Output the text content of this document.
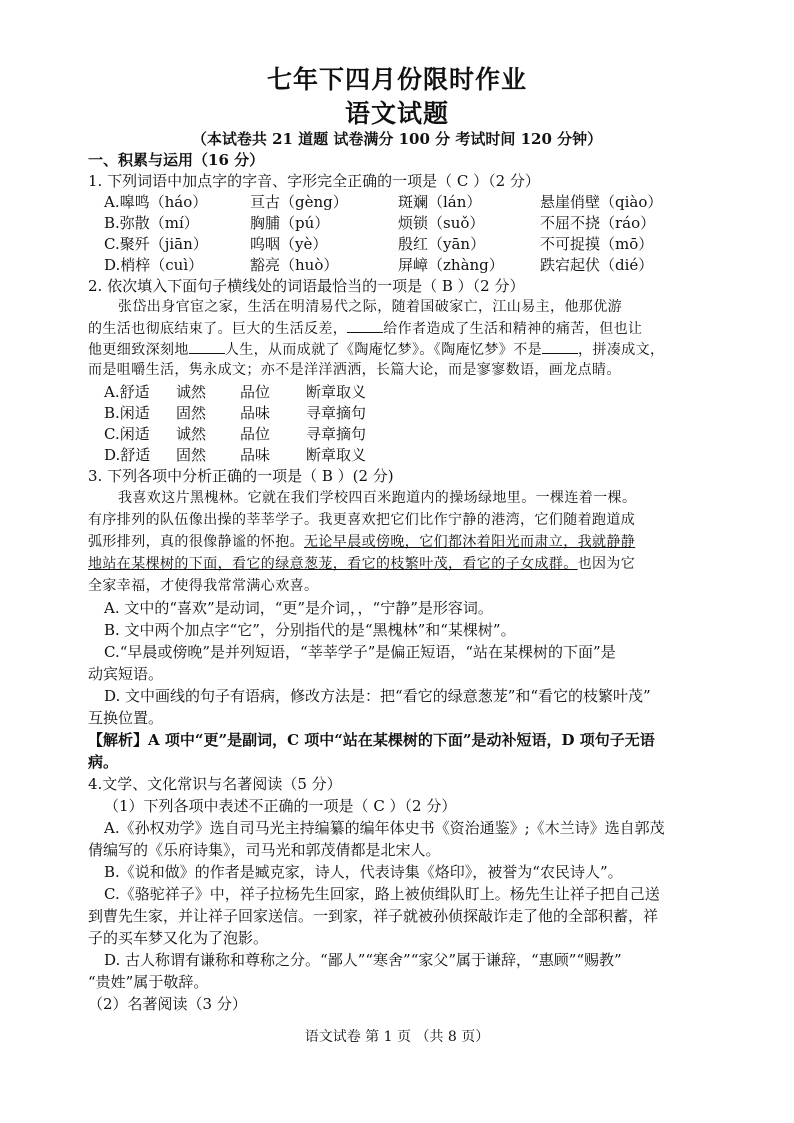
七年下四月份限时作业
语文试题
（本试卷共 21 道题 试卷满分 100 分 考试时间 120 分钟）
一、积累与运用（16 分）
1. 下列词语中加点字的字音、字形完全正确的一项是（ C ）（2 分）
A.嗥鸣（háo）	亘古（gèng）	斑斓（lán）	悬崖俏壁（qiào）
B.弥散（mí）	胸脯（pú）	烦锁（suǒ）	不屈不挠（ráo）
C.聚歼（jiān）	呜咽（yè）	殷红（yān）	不可捉摸（mō）
D.梢梓（cuì）	豁亮（huò）	屏嶂（zhàng） 跌宕起伏（dié）
2. 依次填入下面句子横线处的词语最恰当的一项是（ B ）（2 分）
张岱出身官宦之家，生活在明清易代之际，随着国破家亡，江山易主，他那优游
的生活也彻底结束了。巨大的生活反差，	给作者造成了生活和精神的痛苦，但也让
他更细致深刻地	人生，从而成就了《陶庵忆梦》。《陶庵忆梦》不是	，拼凑成文，
而是咀嚼生活，隽永成文；亦不是洋洋洒洒，长篇大论，而是寥寥数语，画龙点睛。
A.舒适 诚然 品位 断章取义
B.闲适 固然 品味 寻章摘句
C.闲适 诚然 品位 寻章摘句
D.舒适 固然 品味 断章取义
3. 下列各项中分析正确的一项是（ B ）(2 分)
我喜欢这片黑槐林。它就在我们学校四百米跑道内的操场绿地里。一棵连着一棵。
有序排列的队伍像出操的莘莘学子。我更喜欢把它们比作宁静的港湾，它们随着跑道成
弧形排列，真的很像静谧的怀抱。无论早晨或傍晚，它们都沐着阳光而肃立，我就静静
地站在某棵树的下面，看它的绿意葱茏，看它的枝繁叶茂，看它的子女成群。也因为它
全家幸福，才使得我常常满心欢喜。
A. 文中的“喜欢”是动词，“更”是介词，，“宁静”是形容词。
B. 文中两个加点字“它”，分别指代的是“黑槐林”和“某棵树”。
C.“早晨或傍晚”是并列短语，“莘莘学子”是偏正短语，“站在某棵树的下面”是
动宾短语。
D. 文中画线的句子有语病，修改方法是：把“看它的绿意葱茏”和“看它的枝繁叶茂”
互换位置。
【解析】A 项中“更”是副词，C 项中“站在某棵树的下面”是动补短语，D 项句子无语
病。
4.文学、文化常识与名著阅读（5 分）
（1）下列各项中表述不正确的一项是（ C ）（2 分）
A.《孙权劝学》选自司马光主持编纂的编年体史书《资治通鉴》;《木兰诗》选自郭茂
倩编写的《乐府诗集》，司马光和郭茂倩都是北宋人。
B.《说和做》的作者是臧克家，诗人，代表诗集《烙印》，被誉为“农民诗人”。
C.《骆驼祥子》中，祥子拉杨先生回家，路上被侦缉队盯上。杨先生让祥子把自己送
到曹先生家，并让祥子回家送信。一到家，祥子就被孙侦探敲诈走了他的全部积蓄，祥
子的买车梦又化为了泡影。
D. 古人称谓有谦称和尊称之分。“鄙人”“寒舍”“家父”属于谦辞，“惠顾”“赐教”
“贵姓”属于敬辞。
（2）名著阅读（3 分）
语文试卷 第 1 页 （共 8 页）
